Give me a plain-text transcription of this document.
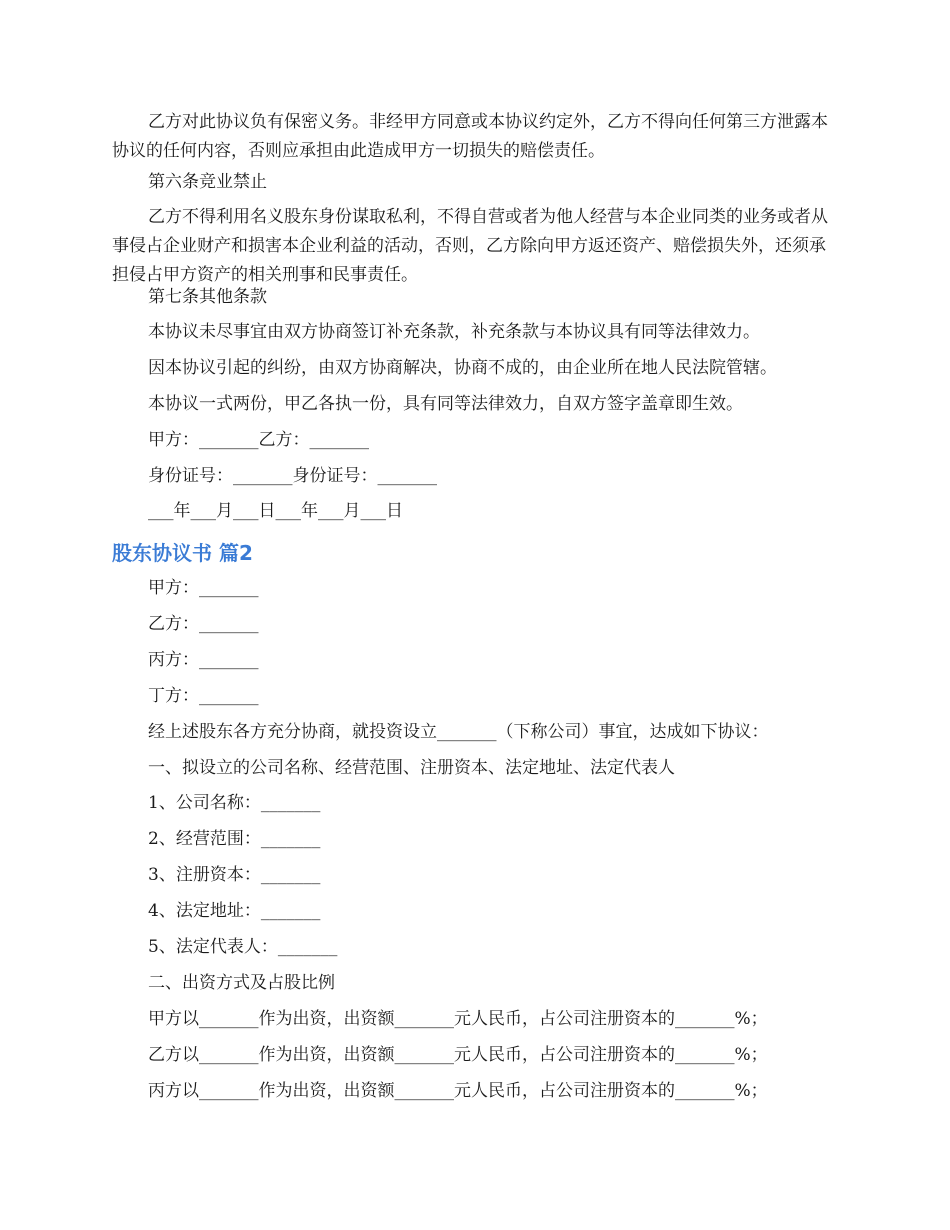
乙方对此协议负有保密义务。非经甲方同意或本协议约定外，乙方不得向任何第三方泄露本协议的任何内容，否则应承担由此造成甲方一切损失的赔偿责任。

第六条竞业禁止

乙方不得利用名义股东身份谋取私利，不得自营或者为他人经营与本企业同类的业务或者从事侵占企业财产和损害本企业利益的活动，否则，乙方除向甲方返还资产、赔偿损失外，还须承担侵占甲方资产的相关刑事和民事责任。

第七条其他条款

本协议未尽事宜由双方协商签订补充条款，补充条款与本协议具有同等法律效力。

因本协议引起的纠纷，由双方协商解决，协商不成的，由企业所在地人民法院管辖。

本协议一式两份，甲乙各执一份，具有同等法律效力，自双方签字盖章即生效。

甲方：_______乙方：_______

身份证号：_______身份证号：_______

___年___月___日___年___月___日

股东协议书 篇2

甲方：_______

乙方：_______

丙方：_______

丁方：_______

经上述股东各方充分协商，就投资设立_______（下称公司）事宜，达成如下协议：

一、拟设立的公司名称、经营范围、注册资本、法定地址、法定代表人

1、公司名称：_______

2、经营范围：_______

3、注册资本：_______

4、法定地址：_______

5、法定代表人：_______

二、出资方式及占股比例

甲方以_______作为出资，出资额_______元人民币，占公司注册资本的_______%；

乙方以_______作为出资，出资额_______元人民币，占公司注册资本的_______%；

丙方以_______作为出资，出资额_______元人民币，占公司注册资本的_______%；
